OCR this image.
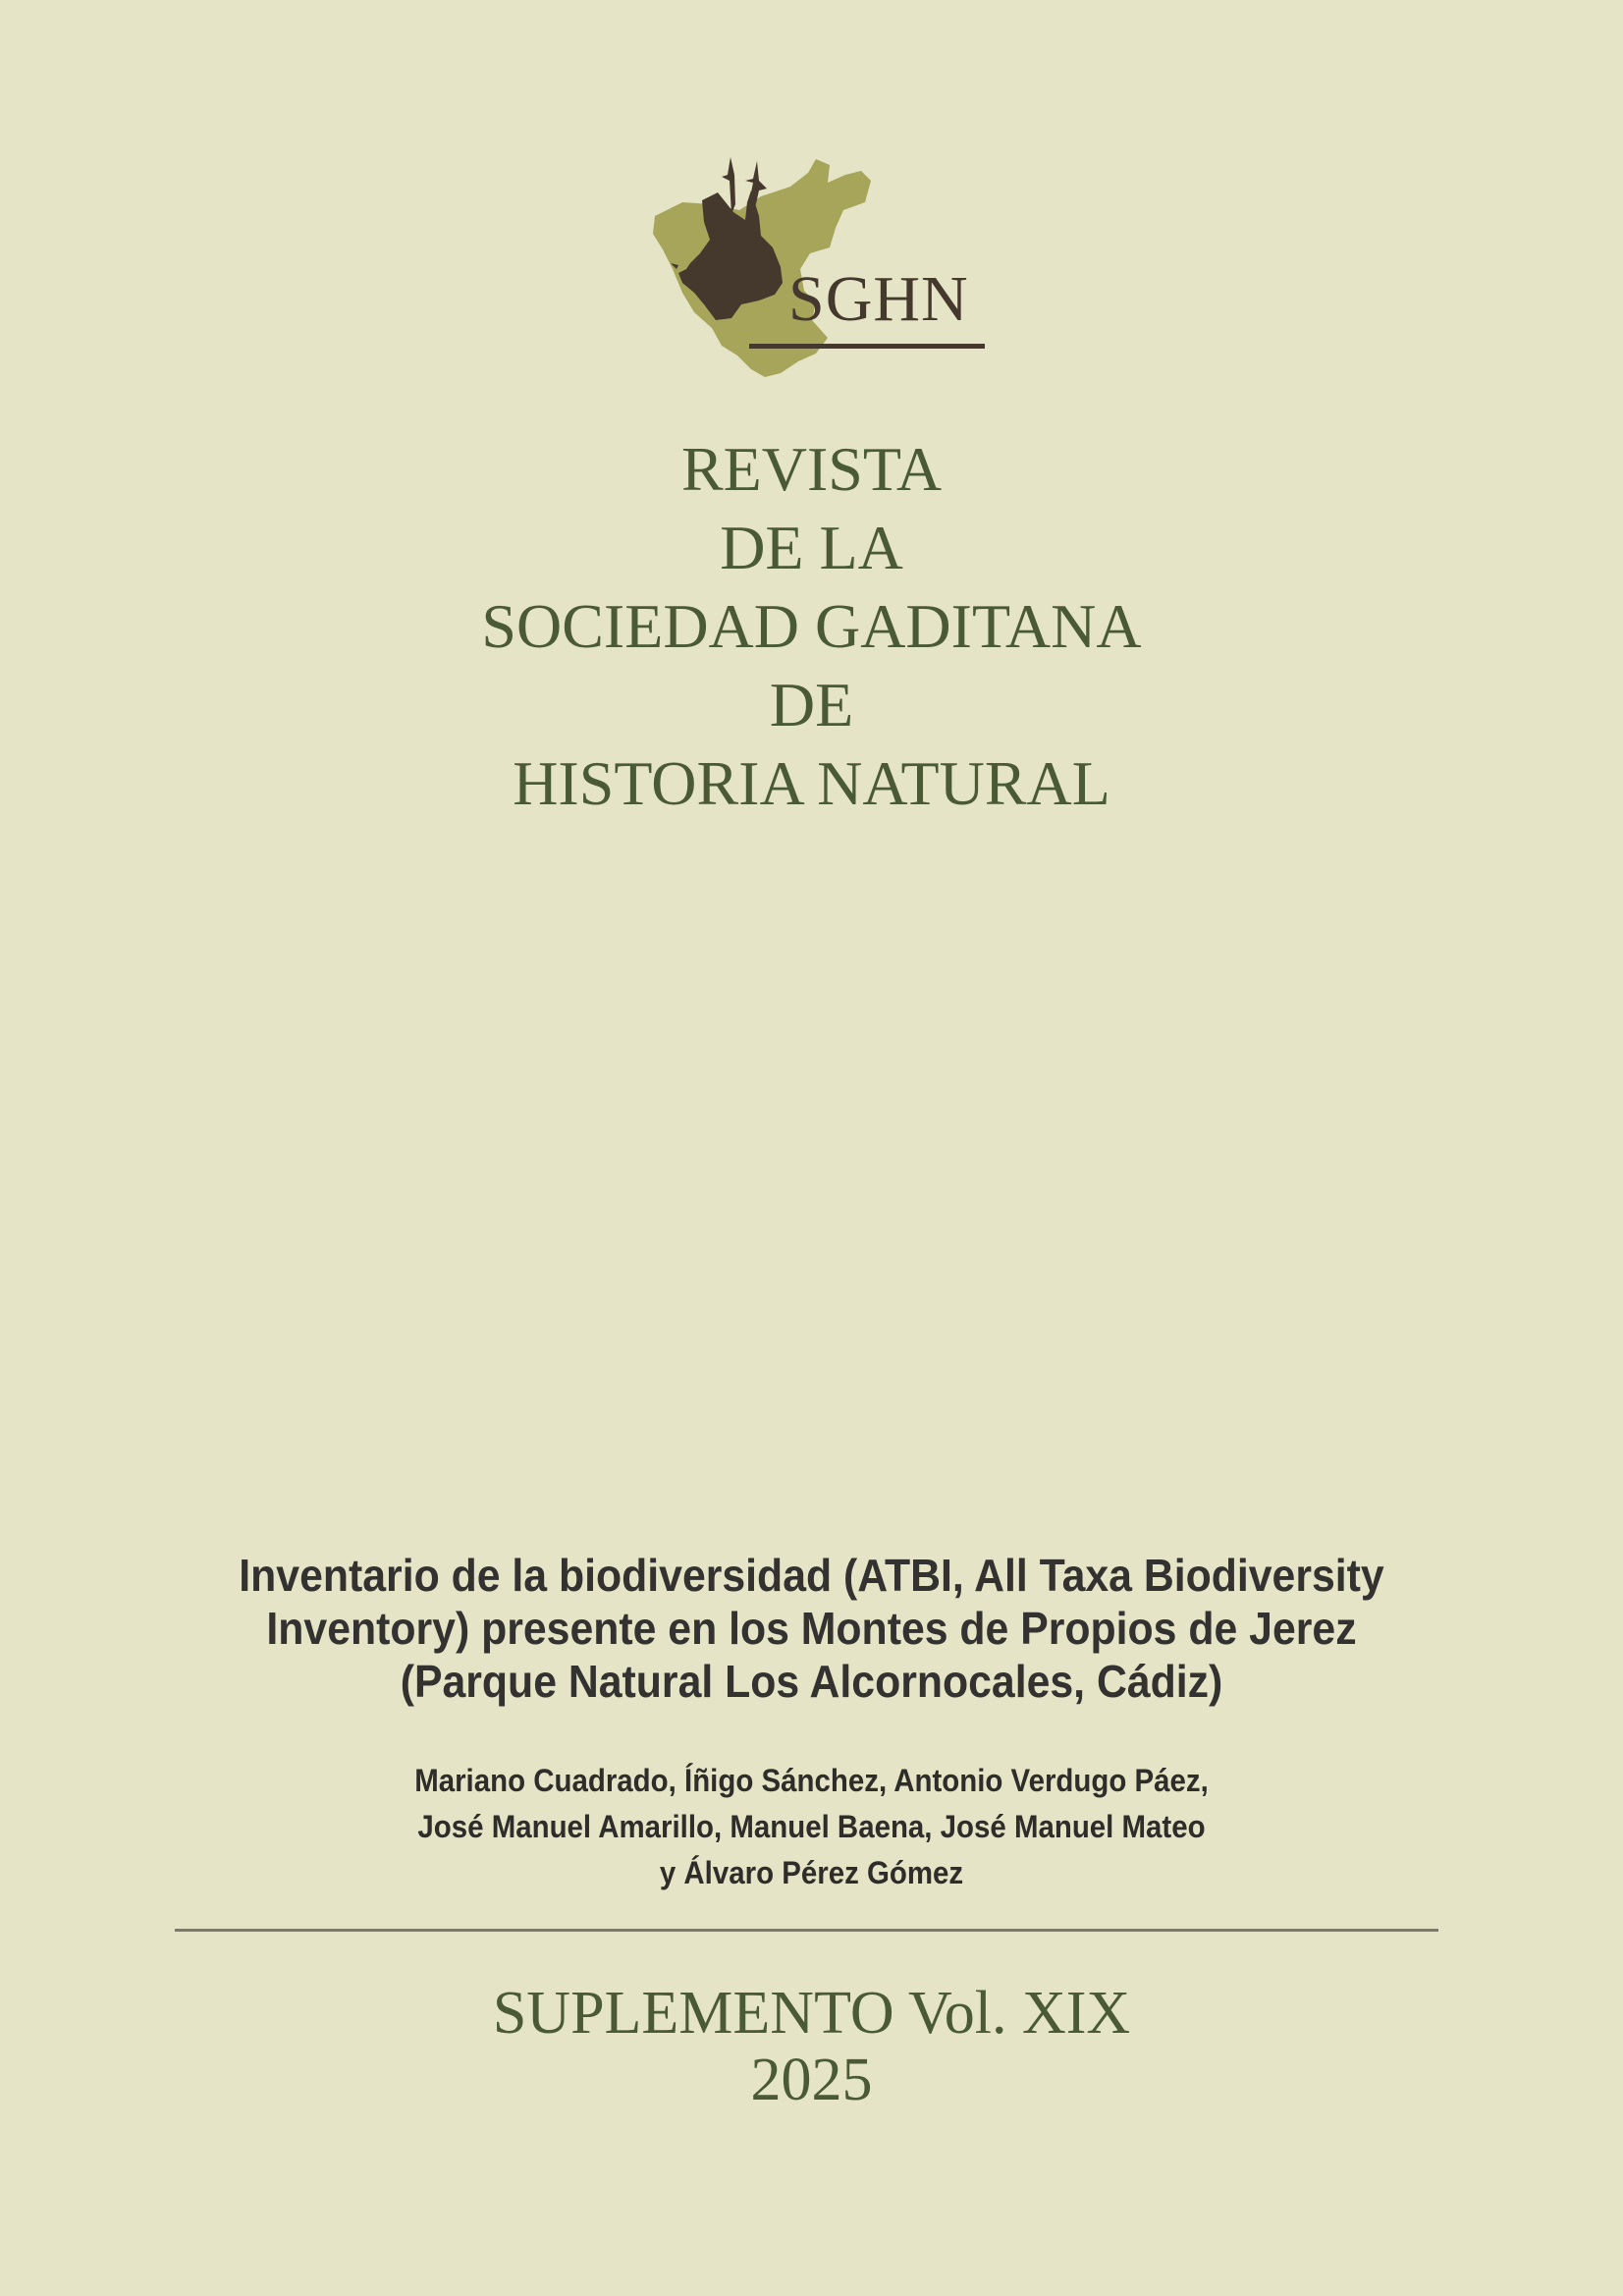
SGHN
REVISTA
DE LA
SOCIEDAD GADITANA
DE
HISTORIA NATURAL
Inventario de la biodiversidad (ATBI, All Taxa Biodiversity
Inventory) presente en los Montes de Propios de Jerez
(Parque Natural Los Alcornocales, Cádiz)
Mariano Cuadrado, Íñigo Sánchez, Antonio Verdugo Páez,
José Manuel Amarillo, Manuel Baena, José Manuel Mateo
y Álvaro Pérez Gómez
SUPLEMENTO Vol. XIX
2025
